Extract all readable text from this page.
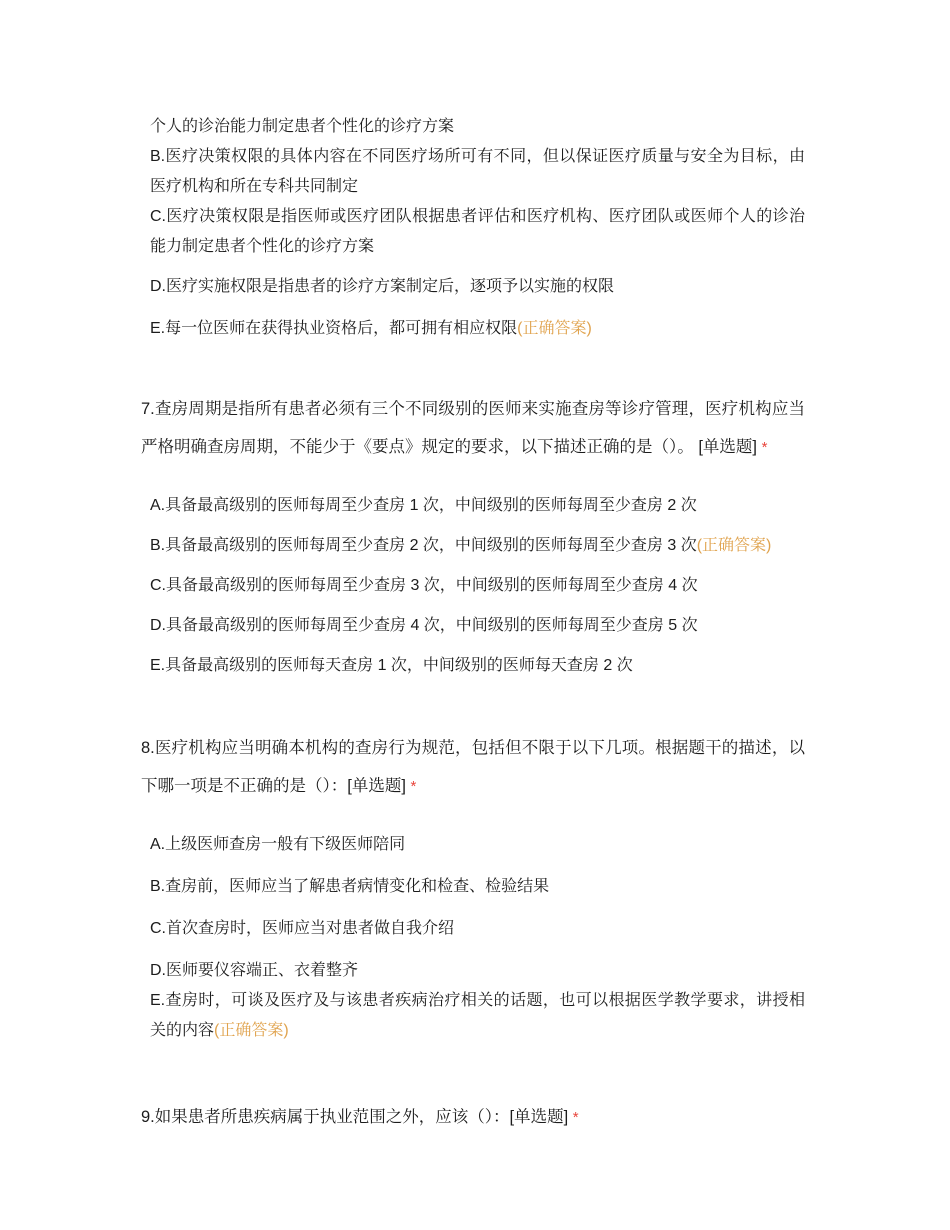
个人的诊治能力制定患者个性化的诊疗方案
B.医疗决策权限的具体内容在不同医疗场所可有不同，但以保证医疗质量与安全为目标，由医疗机构和所在专科共同制定
C.医疗决策权限是指医师或医疗团队根据患者评估和医疗机构、医疗团队或医师个人的诊治能力制定患者个性化的诊疗方案
D.医疗实施权限是指患者的诊疗方案制定后，逐项予以实施的权限
E.每一位医师在获得执业资格后，都可拥有相应权限(正确答案)
7.查房周期是指所有患者必须有三个不同级别的医师来实施查房等诊疗管理，医疗机构应当严格明确查房周期，不能少于《要点》规定的要求，以下描述正确的是（）。 [单选题] *
A.具备最高级别的医师每周至少查房 1 次，中间级别的医师每周至少查房 2 次
B.具备最高级别的医师每周至少查房 2 次，中间级别的医师每周至少查房 3 次(正确答案)
C.具备最高级别的医师每周至少查房 3 次，中间级别的医师每周至少查房 4 次
D.具备最高级别的医师每周至少查房 4 次，中间级别的医师每周至少查房 5 次
E.具备最高级别的医师每天查房 1 次，中间级别的医师每天查房 2 次
8.医疗机构应当明确本机构的查房行为规范，包括但不限于以下几项。根据题干的描述，以下哪一项是不正确的是（）：[单选题] *
A.上级医师查房一般有下级医师陪同
B.查房前，医师应当了解患者病情变化和检查、检验结果
C.首次查房时，医师应当对患者做自我介绍
D.医师要仪容端正、衣着整齐
E.查房时，可谈及医疗及与该患者疾病治疗相关的话题，也可以根据医学教学要求，讲授相关的内容(正确答案)
9.如果患者所患疾病属于执业范围之外，应该（）：[单选题] *
